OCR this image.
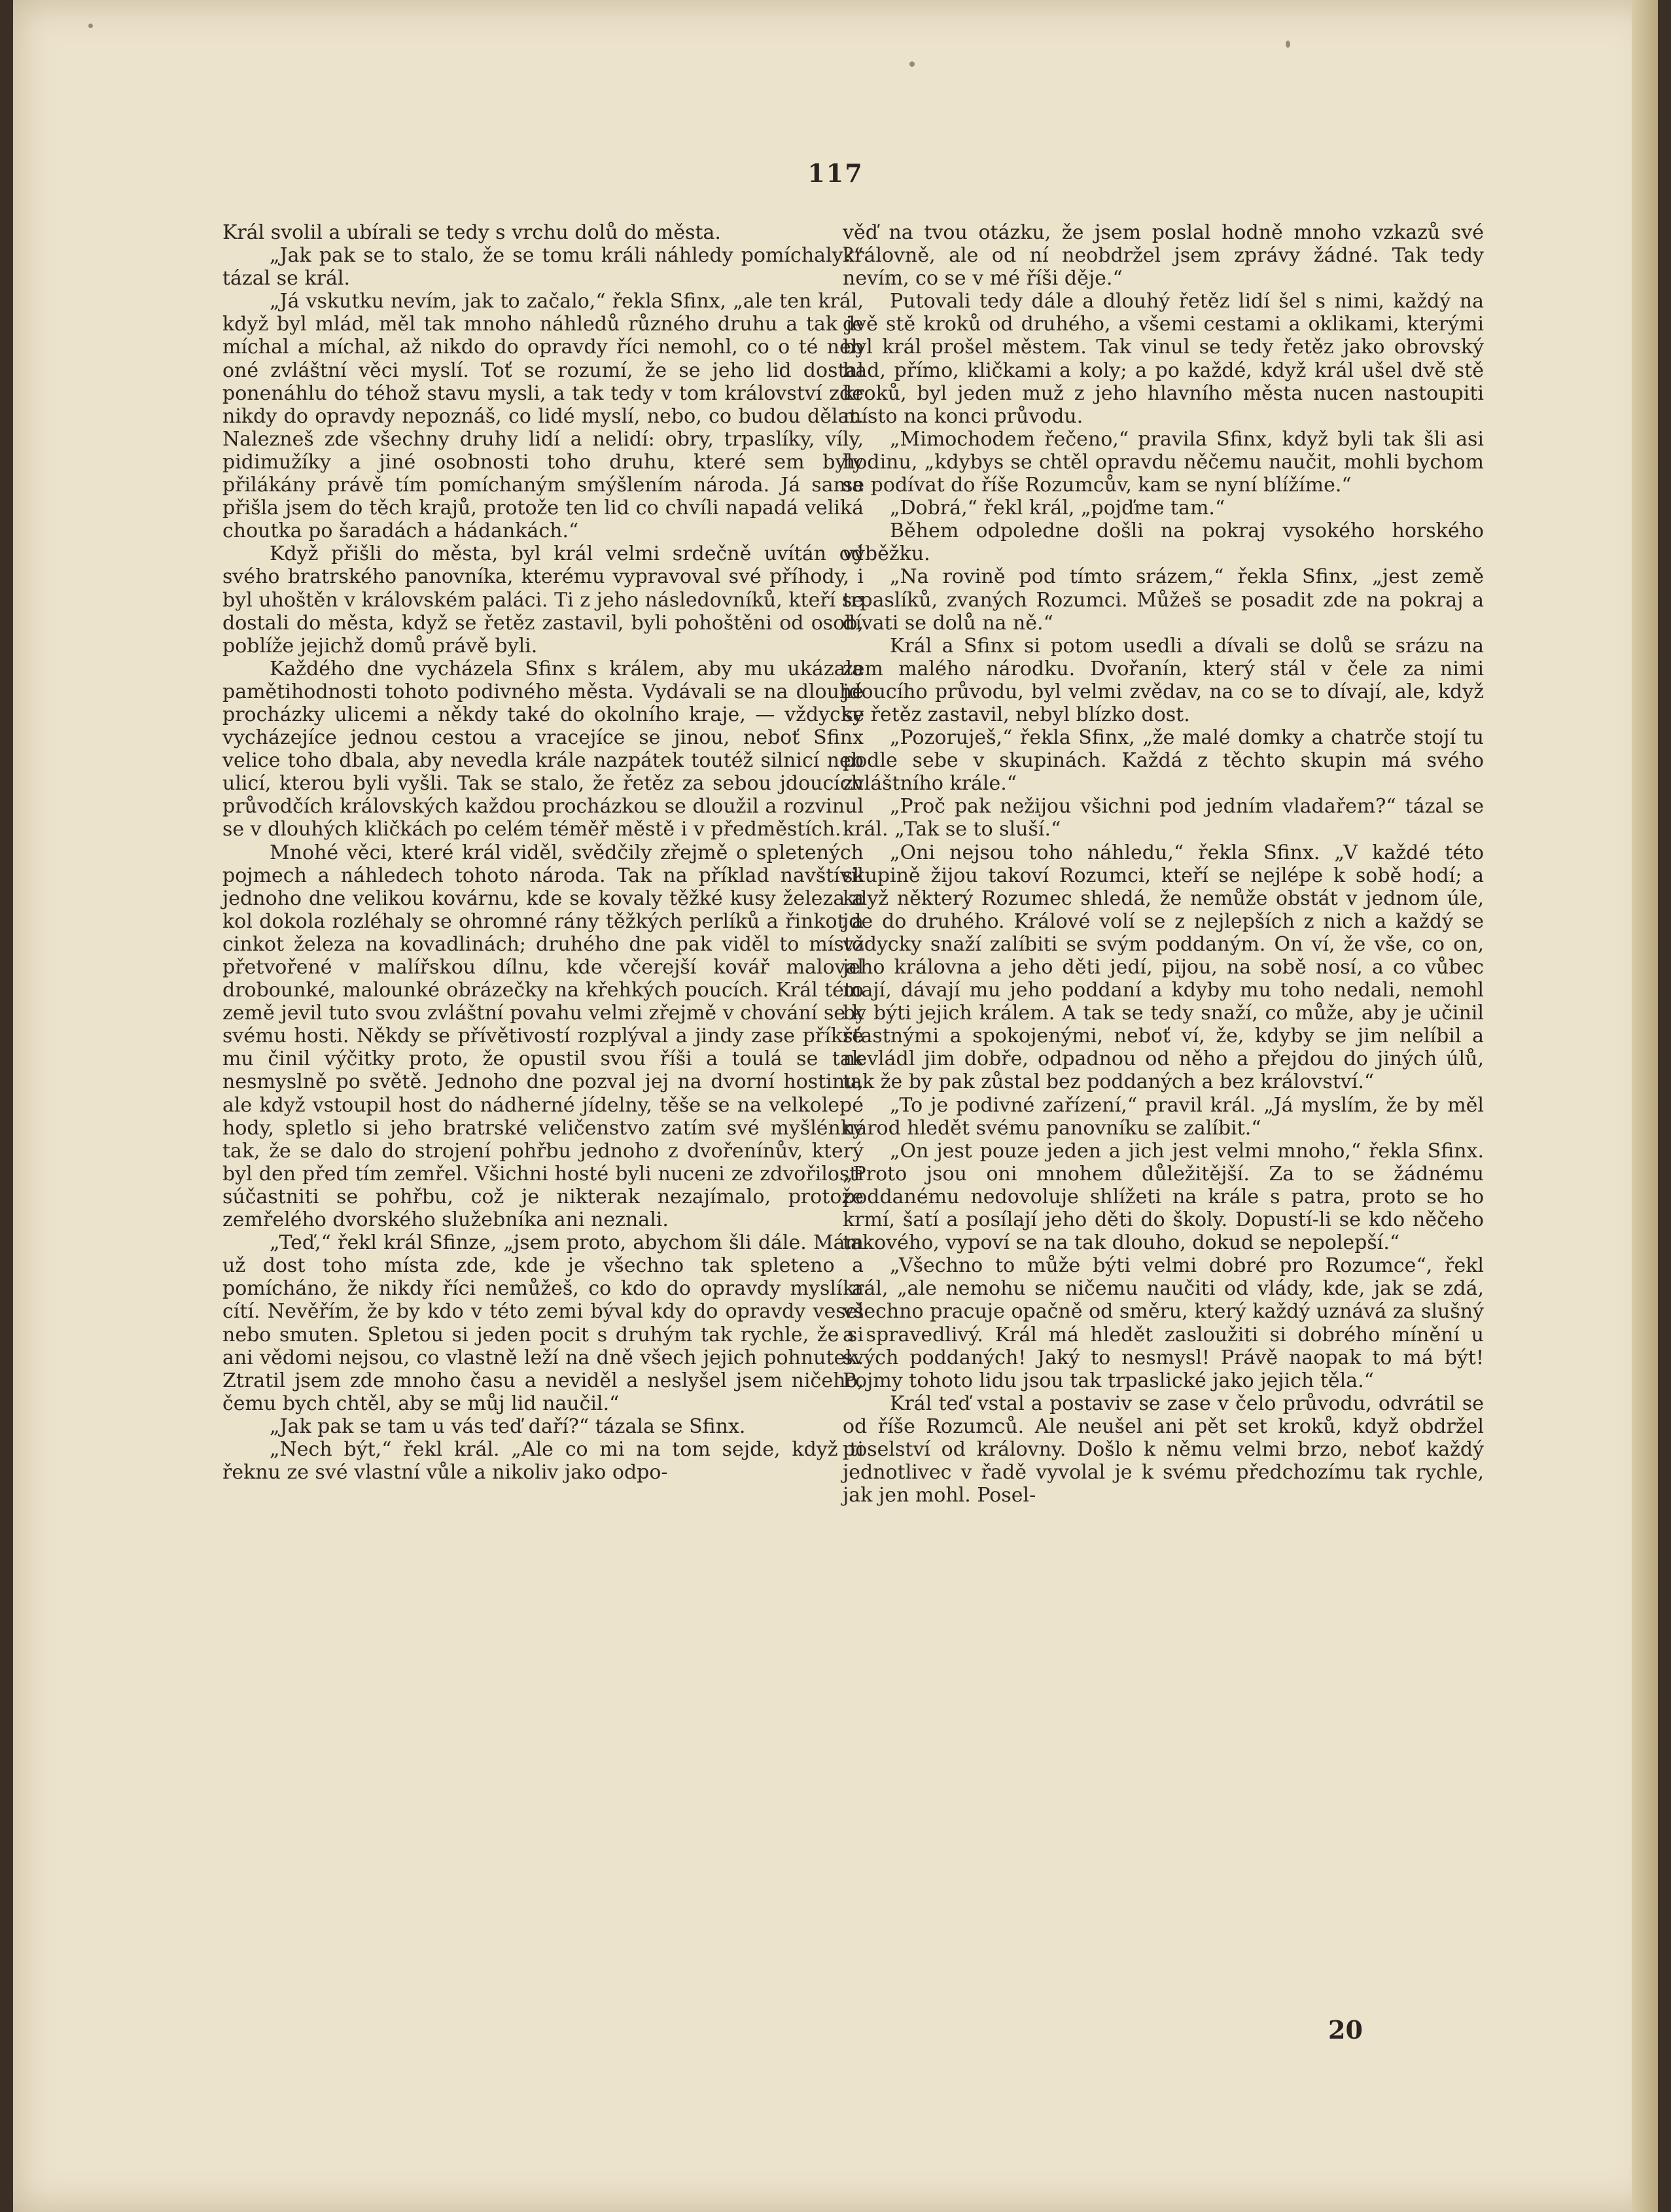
117

Král svolil a ubírali se tedy s vrchu dolů do města.

„Jak pak se to stalo, že se tomu králi náhledy pomíchaly?“ tázal se král.

„Já vskutku nevím, jak to začalo,“ řekla Sfinx, „ale ten král, když byl mlád, měl tak mnoho náhledů různého druhu a tak je míchal a míchal, až nikdo do opravdy říci nemohl, co o té neb oné zvláštní věci myslí. Toť se rozumí, že se jeho lid dostal ponenáhlu do téhož stavu mysli, a tak tedy v tom království zde nikdy do opravdy nepoznáš, co lidé myslí, nebo, co budou dělat. Nalezneš zde všechny druhy lidí a nelidí: obry, trpaslíky, víly, pidimužíky a jiné osobnosti toho druhu, které sem byly přilákány právě tím pomíchaným smýšlením národa. Já sama přišla jsem do těch krajů, protože ten lid co chvíli napadá veliká choutka po šaradách a hádankách.“

Když přišli do města, byl král velmi srdečně uvítán od svého bratrského panovníka, kterému vypravoval své příhody, i byl uhoštěn v královském paláci. Ti z jeho následovníků, kteří se dostali do města, když se řetěz zastavil, byli pohoštěni od osob, poblíže jejichž domů právě byli.

Každého dne vycházela Sfinx s králem, aby mu ukázala pamětihodnosti tohoto podivného města. Vydávali se na dlouhé procházky ulicemi a někdy také do okolního kraje, — vždycky vycházejíce jednou cestou a vracejíce se jinou, neboť Sfinx velice toho dbala, aby nevedla krále nazpátek toutéž silnicí neb ulicí, kterou byli vyšli. Tak se stalo, že řetěz za sebou jdoucích průvodčích královských každou procházkou se dloužil a rozvinul se v dlouhých kličkách po celém téměř městě i v předměstích.

Mnohé věci, které král viděl, svědčily zřejmě o spletených pojmech a náhledech tohoto národa. Tak na příklad navštívil jednoho dne velikou kovárnu, kde se kovaly těžké kusy železa a kol dokola rozléhaly se ohromné rány těžkých perlíků a řinkot a cinkot železa na kovadlinách; druhého dne pak viděl to místo přetvořené v malířskou dílnu, kde včerejší kovář maloval drobounké, malounké obrázečky na křehkých poucích. Král této země jevil tuto svou zvláštní povahu velmi zřejmě v chování se k svému hosti. Někdy se přívětivostí rozplýval a jindy zase příkré mu činil výčitky proto, že opustil svou říši a toulá se tak nesmyslně po světě. Jednoho dne pozval jej na dvorní hostinu, ale když vstoupil host do nádherné jídelny, těše se na velkolepé hody, spletlo si jeho bratrské veličenstvo zatím své myšlénky tak, že se dalo do strojení pohřbu jednoho z dvořenínův, který byl den před tím zemřel. Všichni hosté byli nuceni ze zdvořilosti súčastniti se pohřbu, což je nikterak nezajímalo, protože zemřelého dvorského služebníka ani neznali.

„Teď,“ řekl král Sfinze, „jsem proto, abychom šli dále. Mám už dost toho místa zde, kde je všechno tak spleteno a pomícháno, že nikdy říci nemůžeš, co kdo do opravdy myslí a cítí. Nevěřím, že by kdo v této zemi býval kdy do opravdy vesel nebo smuten. Spletou si jeden pocit s druhým tak rychle, že si ani vědomi nejsou, co vlastně leží na dně všech jejich pohnutek. Ztratil jsem zde mnoho času a neviděl a neslyšel jsem ničeho, čemu bych chtěl, aby se můj lid naučil.“

„Jak pak se tam u vás teď daří?“ tázala se Sfinx.

„Nech být,“ řekl král. „Ale co mi na tom sejde, když ti řeknu ze své vlastní vůle a nikoliv jako odpo-

věď na tvou otázku, že jsem poslal hodně mnoho vzkazů své královně, ale od ní neobdržel jsem zprávy žádné. Tak tedy nevím, co se v mé říši děje.“

Putovali tedy dále a dlouhý řetěz lidí šel s nimi, každý na dvě stě kroků od druhého, a všemi cestami a oklikami, kterými byl král prošel městem. Tak vinul se tedy řetěz jako obrovský had, přímo, kličkami a koly; a po každé, když král ušel dvě stě kroků, byl jeden muž z jeho hlavního města nucen nastoupiti místo na konci průvodu.

„Mimochodem řečeno,“ pravila Sfinx, když byli tak šli asi hodinu, „kdybys se chtěl opravdu něčemu naučit, mohli bychom se podívat do říše Rozumcův, kam se nyní blížíme.“

„Dobrá,“ řekl král, „pojďme tam.“

Během odpoledne došli na pokraj vysokého horského výběžku.

„Na rovině pod tímto srázem,“ řekla Sfinx, „jest země trpaslíků, zvaných Rozumci. Můžeš se posadit zde na pokraj a dívati se dolů na ně.“

Král a Sfinx si potom usedli a dívali se dolů se srázu na zem malého národku. Dvořanín, který stál v čele za nimi jdoucího průvodu, byl velmi zvědav, na co se to dívají, ale, když se řetěz zastavil, nebyl blízko dost.

„Pozoruješ,“ řekla Sfinx, „že malé domky a chatrče stojí tu podle sebe v skupinách. Každá z těchto skupin má svého zvláštního krále.“

„Proč pak nežijou všichni pod jedním vladařem?“ tázal se král. „Tak se to sluší.“

„Oni nejsou toho náhledu,“ řekla Sfinx. „V každé této skupině žijou takoví Rozumci, kteří se nejlépe k sobě hodí; a když některý Rozumec shledá, že nemůže obstát v jednom úle, jde do druhého. Králové volí se z nejlepších z nich a každý se vždycky snaží zalíbiti se svým poddaným. On ví, že vše, co on, jeho královna a jeho děti jedí, pijou, na sobě nosí, a co vůbec mají, dávají mu jeho poddaní a kdyby mu toho nedali, nemohl by býti jejich králem. A tak se tedy snaží, co může, aby je učinil šťastnými a spokojenými, neboť ví, že, kdyby se jim nelíbil a nevládl jim dobře, odpadnou od něho a přejdou do jiných úlů, tak že by pak zůstal bez poddaných a bez království.“

„To je podivné zařízení,“ pravil král. „Já myslím, že by měl národ hledět svému panovníku se zalíbit.“

„On jest pouze jeden a jich jest velmi mnoho,“ řekla Sfinx. „Proto jsou oni mnohem důležitější. Za to se žádnému poddanému nedovoluje shlížeti na krále s patra, proto se ho krmí, šatí a posílají jeho děti do školy. Dopustí-li se kdo něčeho takového, vypoví se na tak dlouho, dokud se nepolepší.“

„Všechno to může býti velmi dobré pro Rozumce“, řekl král, „ale nemohu se ničemu naučiti od vlády, kde, jak se zdá, všechno pracuje opačně od směru, který každý uznává za slušný a spravedlivý. Král má hledět zasloužiti si dobrého mínění u svých poddaných! Jaký to nesmysl! Právě naopak to má být! Pojmy tohoto lidu jsou tak trpaslické jako jejich těla.“

Král teď vstal a postaviv se zase v čelo průvodu, odvrátil se od říše Rozumců. Ale neušel ani pět set kroků, když obdržel poselství od královny. Došlo k němu velmi brzo, neboť každý jednotlivec v řadě vyvolal je k svému předchozímu tak rychle, jak jen mohl. Posel-

20
